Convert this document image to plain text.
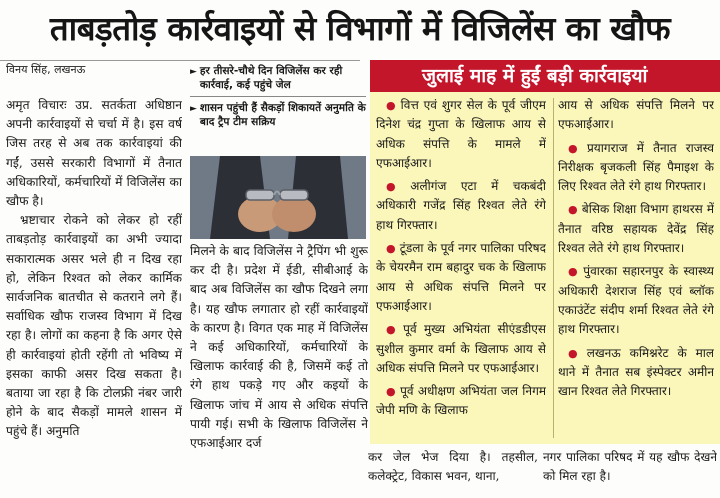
ताबड़तोड़ कार्रवाइयों से विभागों में विजिलेंस का खौफ
विनय सिंह, लखनऊ

अमृत विचारः उप्र. सतर्कता अधिष्ठान अपनी कार्रवाइयों से चर्चा में है। इस वर्ष जिस तरह से अब तक कार्रवाइयां की गईं, उससे सरकारी विभागों में तैनात अधिकारियों, कर्मचारियों में विजिलेंस का खौफ है।

भ्रष्टाचार रोकने को लेकर हो रहीं ताबड़तोड़ कार्रवाइयों का अभी ज्यादा सकारात्मक असर भले ही न दिख रहा हो, लेकिन रिश्वत को लेकर कार्मिक सार्वजनिक बातचीत से कतराने लगे हैं। सर्वाधिक खौफ राजस्व विभाग में दिख रहा है। लोगों का कहना है कि अगर ऐसे ही कार्रवाइयां होती रहेंगी तो भविष्य में इसका काफी असर दिख सकता है। बताया जा रहा है कि टोलफ्री नंबर जारी होने के बाद सैकड़ों मामले शासन में पहुंचे हैं। अनुमति

► हर तीसरे-चौथे दिन विजिलेंस कर रही कार्रवाई, कई पहुंचे जेल
► शासन पहुंची हैं सैकड़ों शिकायतें अनुमति के बाद ट्रैप टीम सक्रिय

मिलने के बाद विजिलेंस ने ट्रैपिंग भी शुरू कर दी है। प्रदेश में ईडी, सीबीआई के बाद अब विजिलेंस का खौफ दिखने लगा है। यह खौफ लगातार हो रहीं कार्रवाइयों के कारण है। विगत एक माह में विजिलेंस ने कई अधिकारियों, कर्मचारियों के खिलाफ कार्रवाई की है, जिसमें कई तो रंगे हाथ पकड़े गए और कइयों के खिलाफ जांच में आय से अधिक संपत्ति पायी गई। सभी के खिलाफ विजिलेंस ने एफआईआर दर्ज

जुलाई माह में हुईं बड़ी कार्रवाइयां
● वित्त एवं शुगर सेल के पूर्व जीएम दिनेश चंद्र गुप्ता के खिलाफ आय से अधिक संपत्ति के मामले में एफआईआर।
● अलीगंज एटा में चकबंदी अधिकारी गजेंद्र सिंह रिश्वत लेते रंगे हाथ गिरफ्तार।
● टूंडला के पूर्व नगर पालिका परिषद के चेयरमैन राम बहादुर चक के खिलाफ आय से अधिक संपत्ति मिलने पर एफआईआर।
● पूर्व मुख्य अभियंता सीएंडडीएस सुशील कुमार वर्मा के खिलाफ आय से अधिक संपत्ति मिलने पर एफआईआर।
● पूर्व अधीक्षण अभियंता जल निगम जेपी मणि के खिलाफ
आय से अधिक संपत्ति मिलने पर एफआईआर।
● प्रयागराज में तैनात राजस्व निरीक्षक बृजकली सिंह पैमाइश के लिए रिश्वत लेते रंगे हाथ गिरफ्तार।
● बेसिक शिक्षा विभाग हाथरस में तैनात वरिष्ठ सहायक देवेंद्र सिंह रिश्वत लेते रंगे हाथ गिरफ्तार।
● पुंवारका सहारनपुर के स्वास्थ्य अधिकारी देशराज सिंह एवं ब्लॉक एकाउंटेंट संदीप शर्मा रिश्वत लेते रंगे हाथ गिरफ्तार।
● लखनऊ कमिश्नरेट के माल थाने में तैनात सब इंस्पेक्टर अमीन खान रिश्वत लेते गिरफ्तार।

कर जेल भेज दिया है। तहसील, कलेक्ट्रेट, विकास भवन, थाना,

नगर पालिका परिषद में यह खौफ देखने को मिल रहा है।
